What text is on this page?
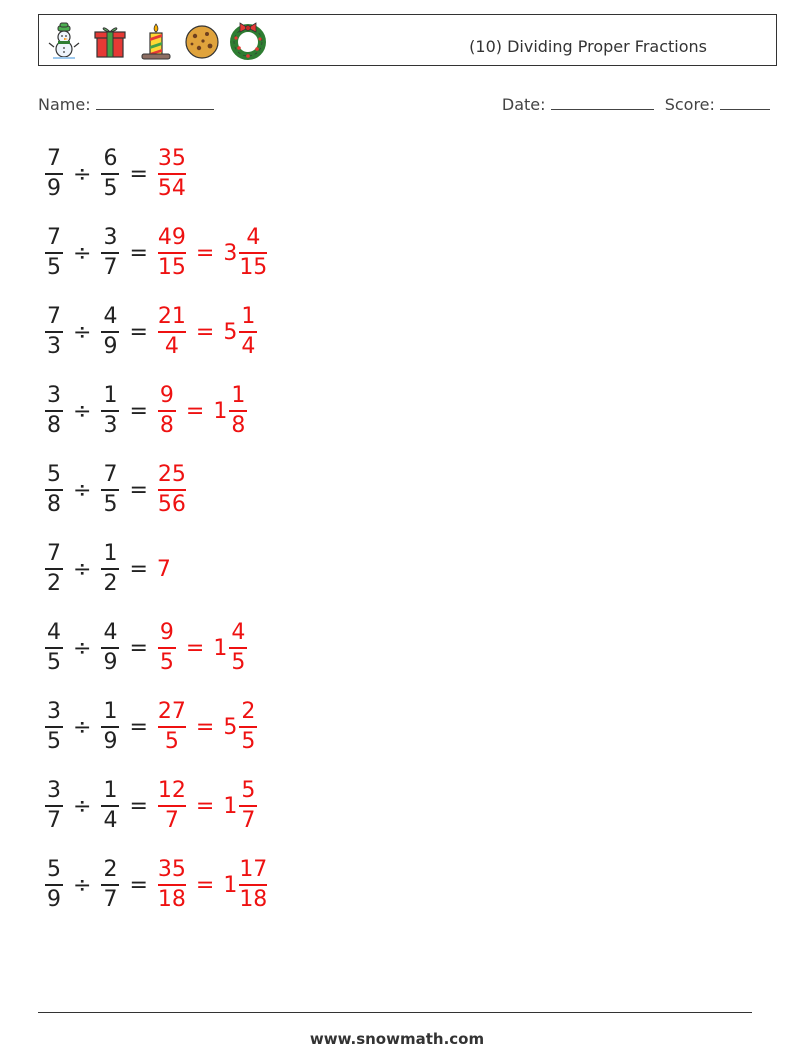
(10) Dividing Proper Fractions
Name:	Date:	Score:
$\frac{7}{9} \div \frac{6}{5} = \frac{35}{54}$
$\frac{7}{5} \div \frac{3}{7} = \frac{49}{15} = 3 \frac{4}{15}$
$\frac{7}{3} \div \frac{4}{9} = \frac{21}{4} = 5 \frac{1}{4}$
$\frac{3}{8} \div \frac{1}{3} = \frac{9}{8} = 1 \frac{1}{8}$
$\frac{5}{8} \div \frac{7}{5} = \frac{25}{56}$
$\frac{7}{2} \div \frac{1}{2} = 7$
$\frac{4}{5} \div \frac{4}{9} = \frac{9}{5} = 1 \frac{4}{5}$
$\frac{3}{5} \div \frac{1}{9} = \frac{27}{5} = 5 \frac{2}{5}$
$\frac{3}{7} \div \frac{1}{4} = \frac{12}{7} = 1 \frac{5}{7}$
$\frac{5}{9} \div \frac{2}{7} = \frac{35}{18} = 1 \frac{17}{18}$
www.snowmath.com
